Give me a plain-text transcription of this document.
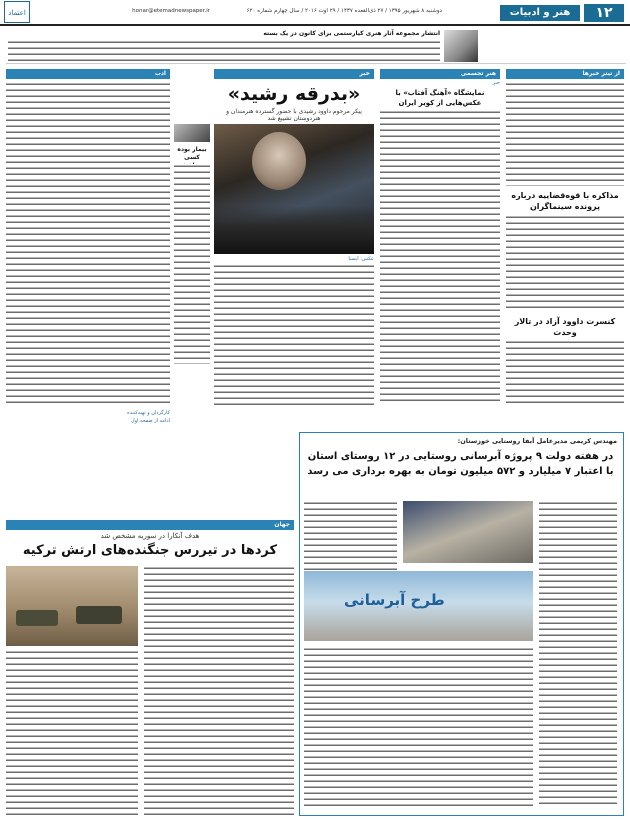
۱۲
هنر و ادبیات
honar@etemadnewspaper.ir	دوشنبه ۸ شهریور ۱۳۹۵ / ۲۷ ذی‌القعده ۱۴۳۷ / ۲۹ اوت ۲۰۱۶ / سال چهارم شماره ۶۲۰
اعتماد
انتشار مجموعه آثار هنری کیارستمی برای کانون در یک بسته
از تیتر خبرها
مذاکره با قوه‌قضاییه درباره پرونده سینماگران
کنسرت داوود آزاد در تالار وحدت
هنر تجسمی
خبر
نمایشگاه «آهنگ آفتاب» با عکس‌هایی از کویر ایران
خبر
«بدرقه رشید»
پیکر مرحوم داوود رشیدی با حضور گسترده هنرمندان و هنردوستان تشییع شد
عکس: ایسنا
بیمار بوده کسی
ادب
کارگردان و تهیه‌کننده
ادامه از صفحه اول
مهندس کریمی مدیرعامل آبفا روستایی خوزستان:
در هفته دولت ۹ پروژه آبرسانی روستایی در ۱۲ روستای استان با اعتبار ۷ میلیارد و ۵۷۲ میلیون تومان به بهره برداری می رسد
طرح آبرسانی
جهان
هدف آنکارا در سوریه مشخص شد
کردها در تیررس جنگنده‌های ارتش ترکیه
